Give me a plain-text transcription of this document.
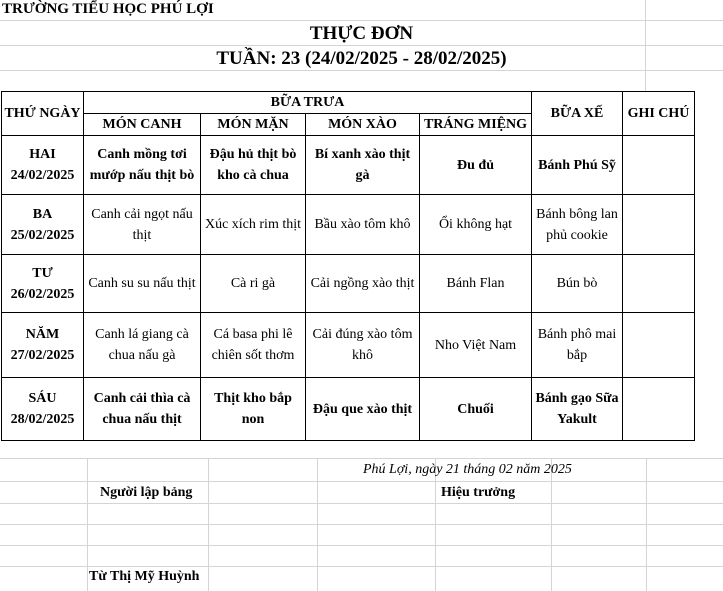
TRƯỜNG TIỂU HỌC PHÚ LỢI
THỰC ĐƠN
TUẦN: 23 (24/02/2025 - 28/02/2025)
THỨ NGÀY	BỮA TRƯA				BỮA XẾ	GHI CHÚ
	MÓN CANH	MÓN MẶN	MÓN XÀO	TRÁNG MIỆNG		

HAI
24/02/2025	Canh mồng tơi mướp nấu thịt bò	Đậu hủ thịt bò kho cà chua	Bí xanh xào thịt gà	Đu đủ	Bánh Phú Sỹ	

BA
25/02/2025	Canh cải ngọt nấu thịt	Xúc xích rim thịt	Bầu xào tôm khô	Ổi không hạt	Bánh bông lan phủ cookie	

TƯ
26/02/2025	Canh su su nấu thịt	Cà ri gà	Cải ngồng xào thịt	Bánh Flan	Bún bò	

NĂM
27/02/2025	Canh lá giang cà chua nấu gà	Cá basa phi lê chiên sốt thơm	Cải đúng xào tôm khô	Nho Việt Nam	Bánh phô mai bắp	

SÁU
28/02/2025	Canh cải thìa cà chua nấu thịt	Thịt kho bắp non	Đậu que xào thịt	Chuối	Bánh gạo Sữa Yakult	
Phú Lợi, ngày 21 tháng 02 năm 2025
Người lập bảng	Hiệu trưởng
Từ Thị Mỹ Huỳnh
